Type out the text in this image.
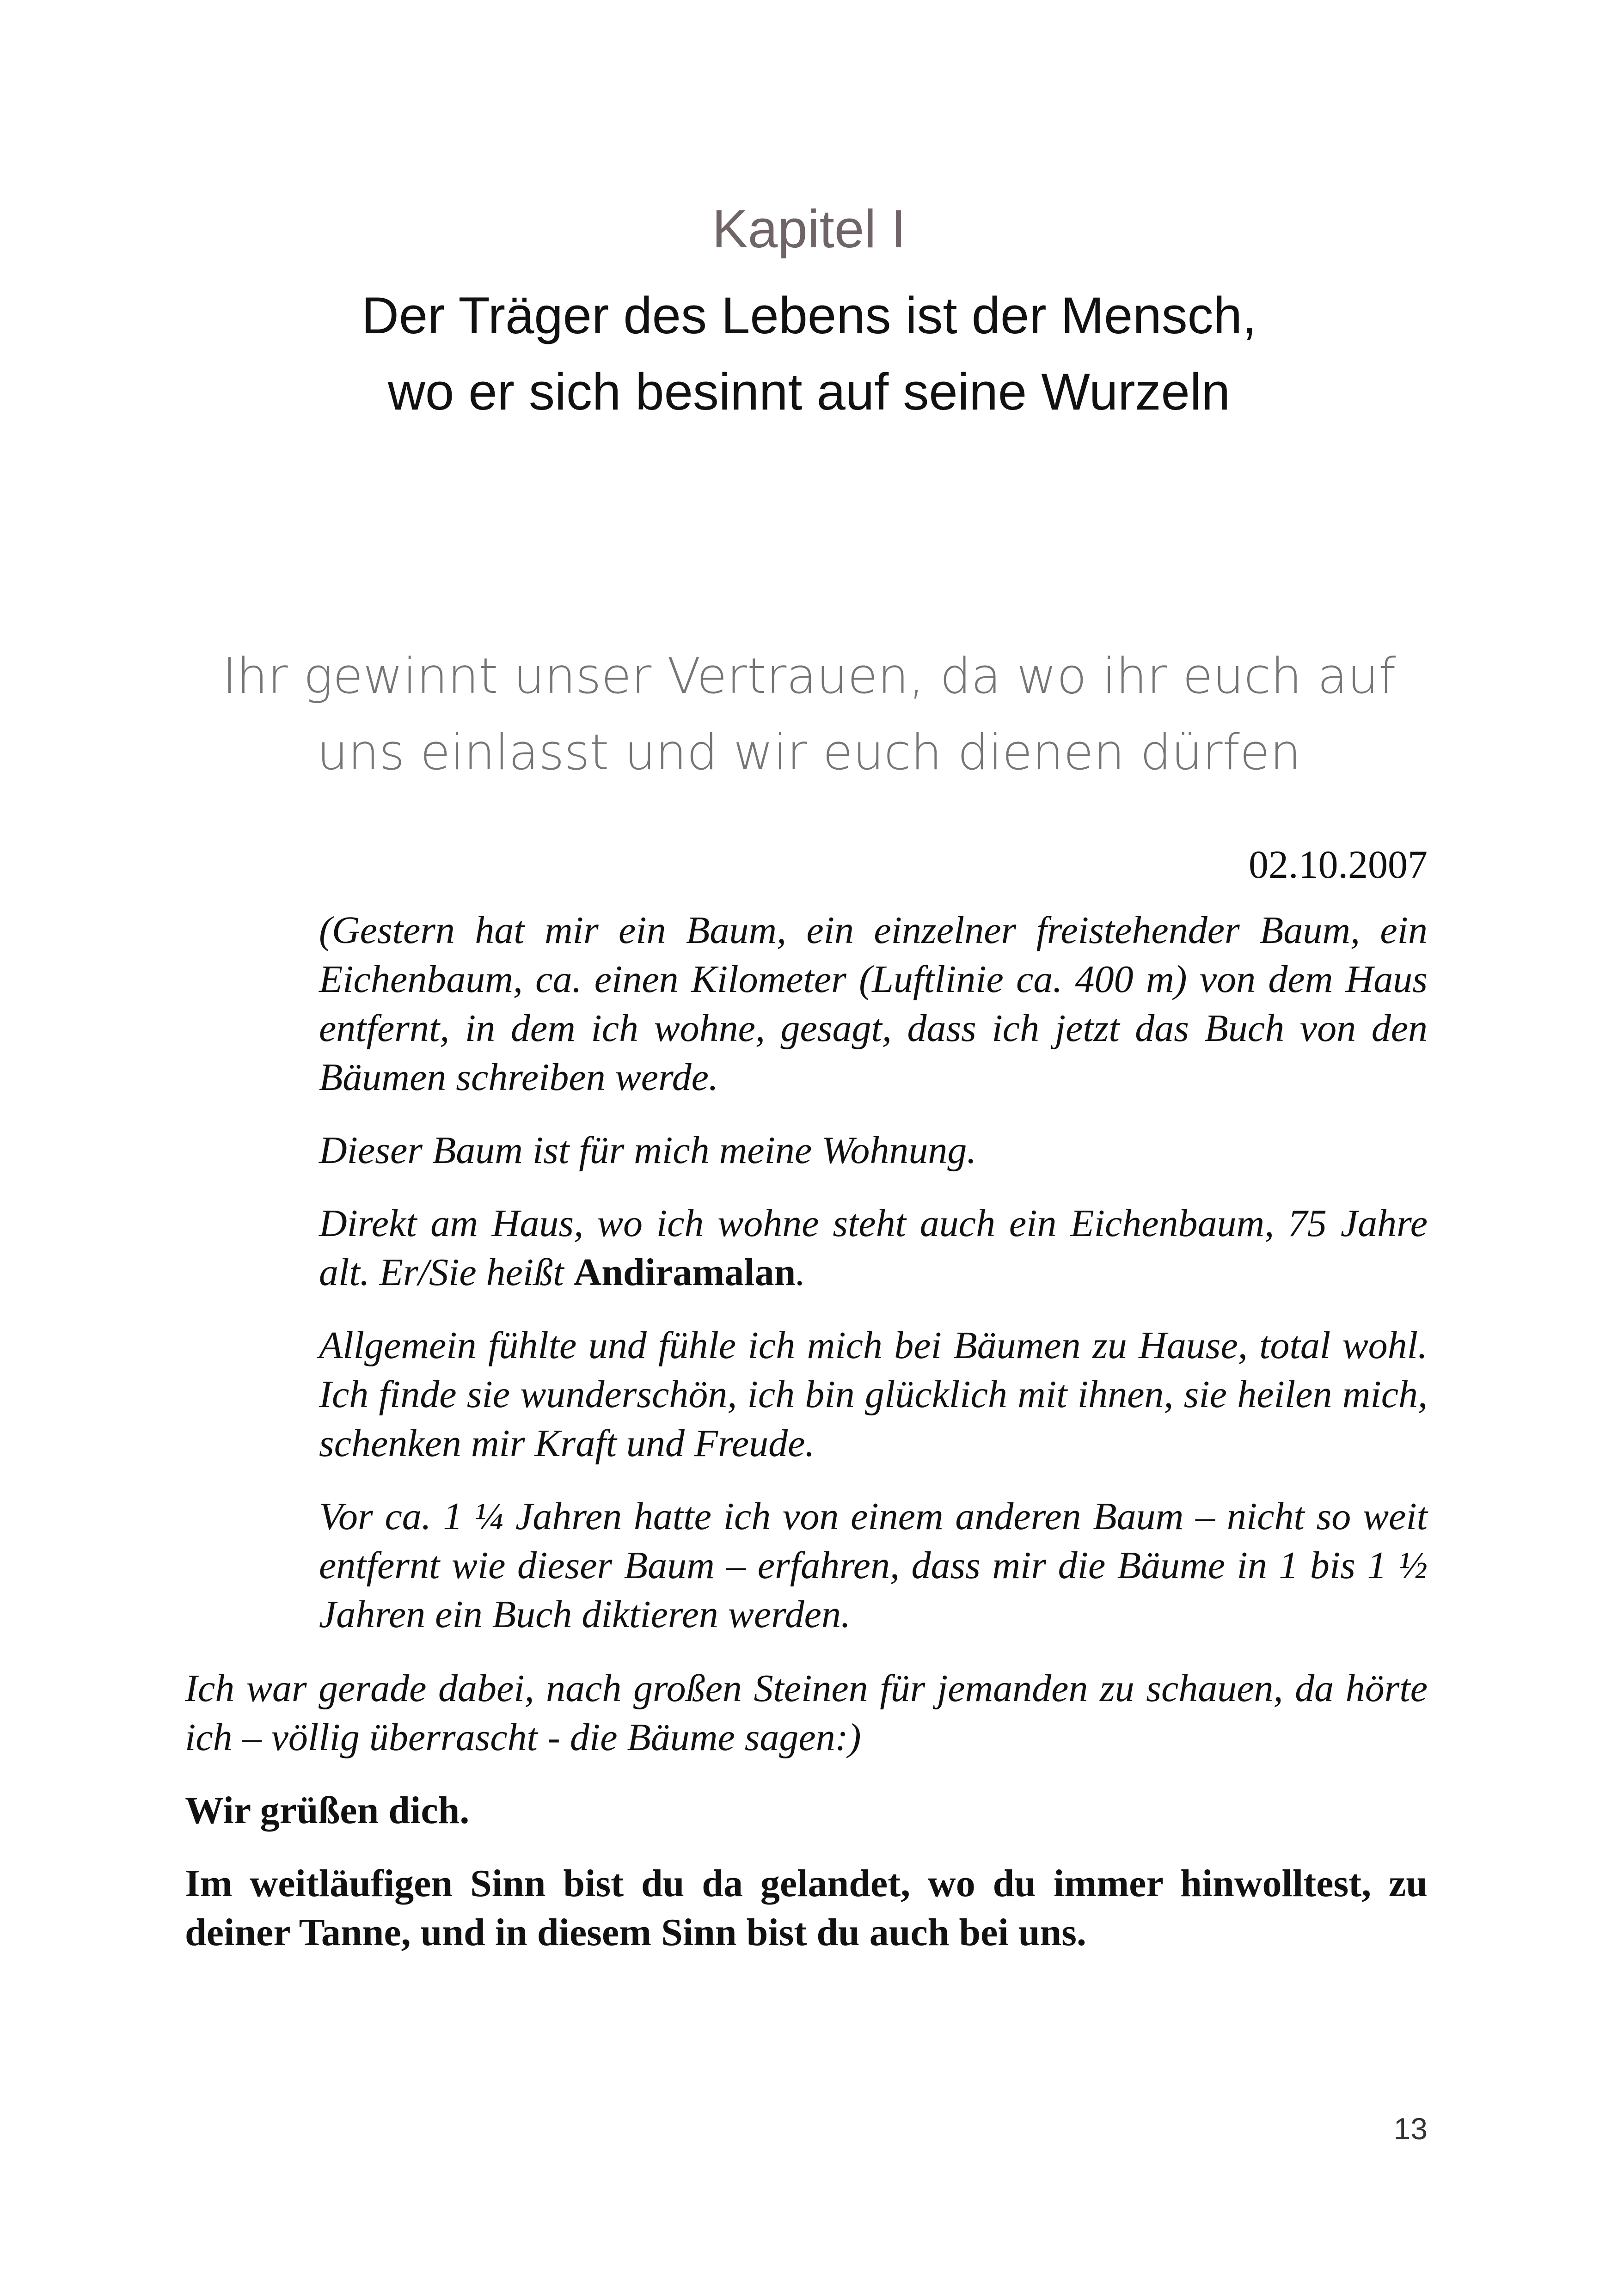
Kapitel I
Der Träger des Lebens ist der Mensch,
wo er sich besinnt auf seine Wurzeln
Ihr gewinnt unser Vertrauen, da wo ihr euch auf
uns einlasst und wir euch dienen dürfen
02.10.2007

(Gestern hat mir ein Baum, ein einzelner freistehender Baum, ein Eichenbaum, ca. einen Kilometer (Luftlinie ca. 400 m) von dem Haus entfernt, in dem ich wohne, gesagt, dass ich jetzt das Buch von den Bäumen schreiben werde.

Dieser Baum ist für mich meine Wohnung.

Direkt am Haus, wo ich wohne steht auch ein Eichenbaum, 75 Jahre alt. Er/Sie heißt Andiramalan.

Allgemein fühlte und fühle ich mich bei Bäumen zu Hause, total wohl. Ich finde sie wunderschön, ich bin glücklich mit ihnen, sie heilen mich, schenken mir Kraft und Freude.

Vor ca. 1 ¼ Jahren hatte ich von einem anderen Baum – nicht so weit entfernt wie dieser Baum – erfahren, dass mir die Bäume in 1 bis 1 ½ Jahren ein Buch diktieren werden.

Ich war gerade dabei, nach großen Steinen für jemanden zu schauen, da hörte ich – völlig überrascht - die Bäume sagen:)

Wir grüßen dich.

Im weitläufigen Sinn bist du da gelandet, wo du immer hinwolltest, zu deiner Tanne, und in diesem Sinn bist du auch bei uns.

13
